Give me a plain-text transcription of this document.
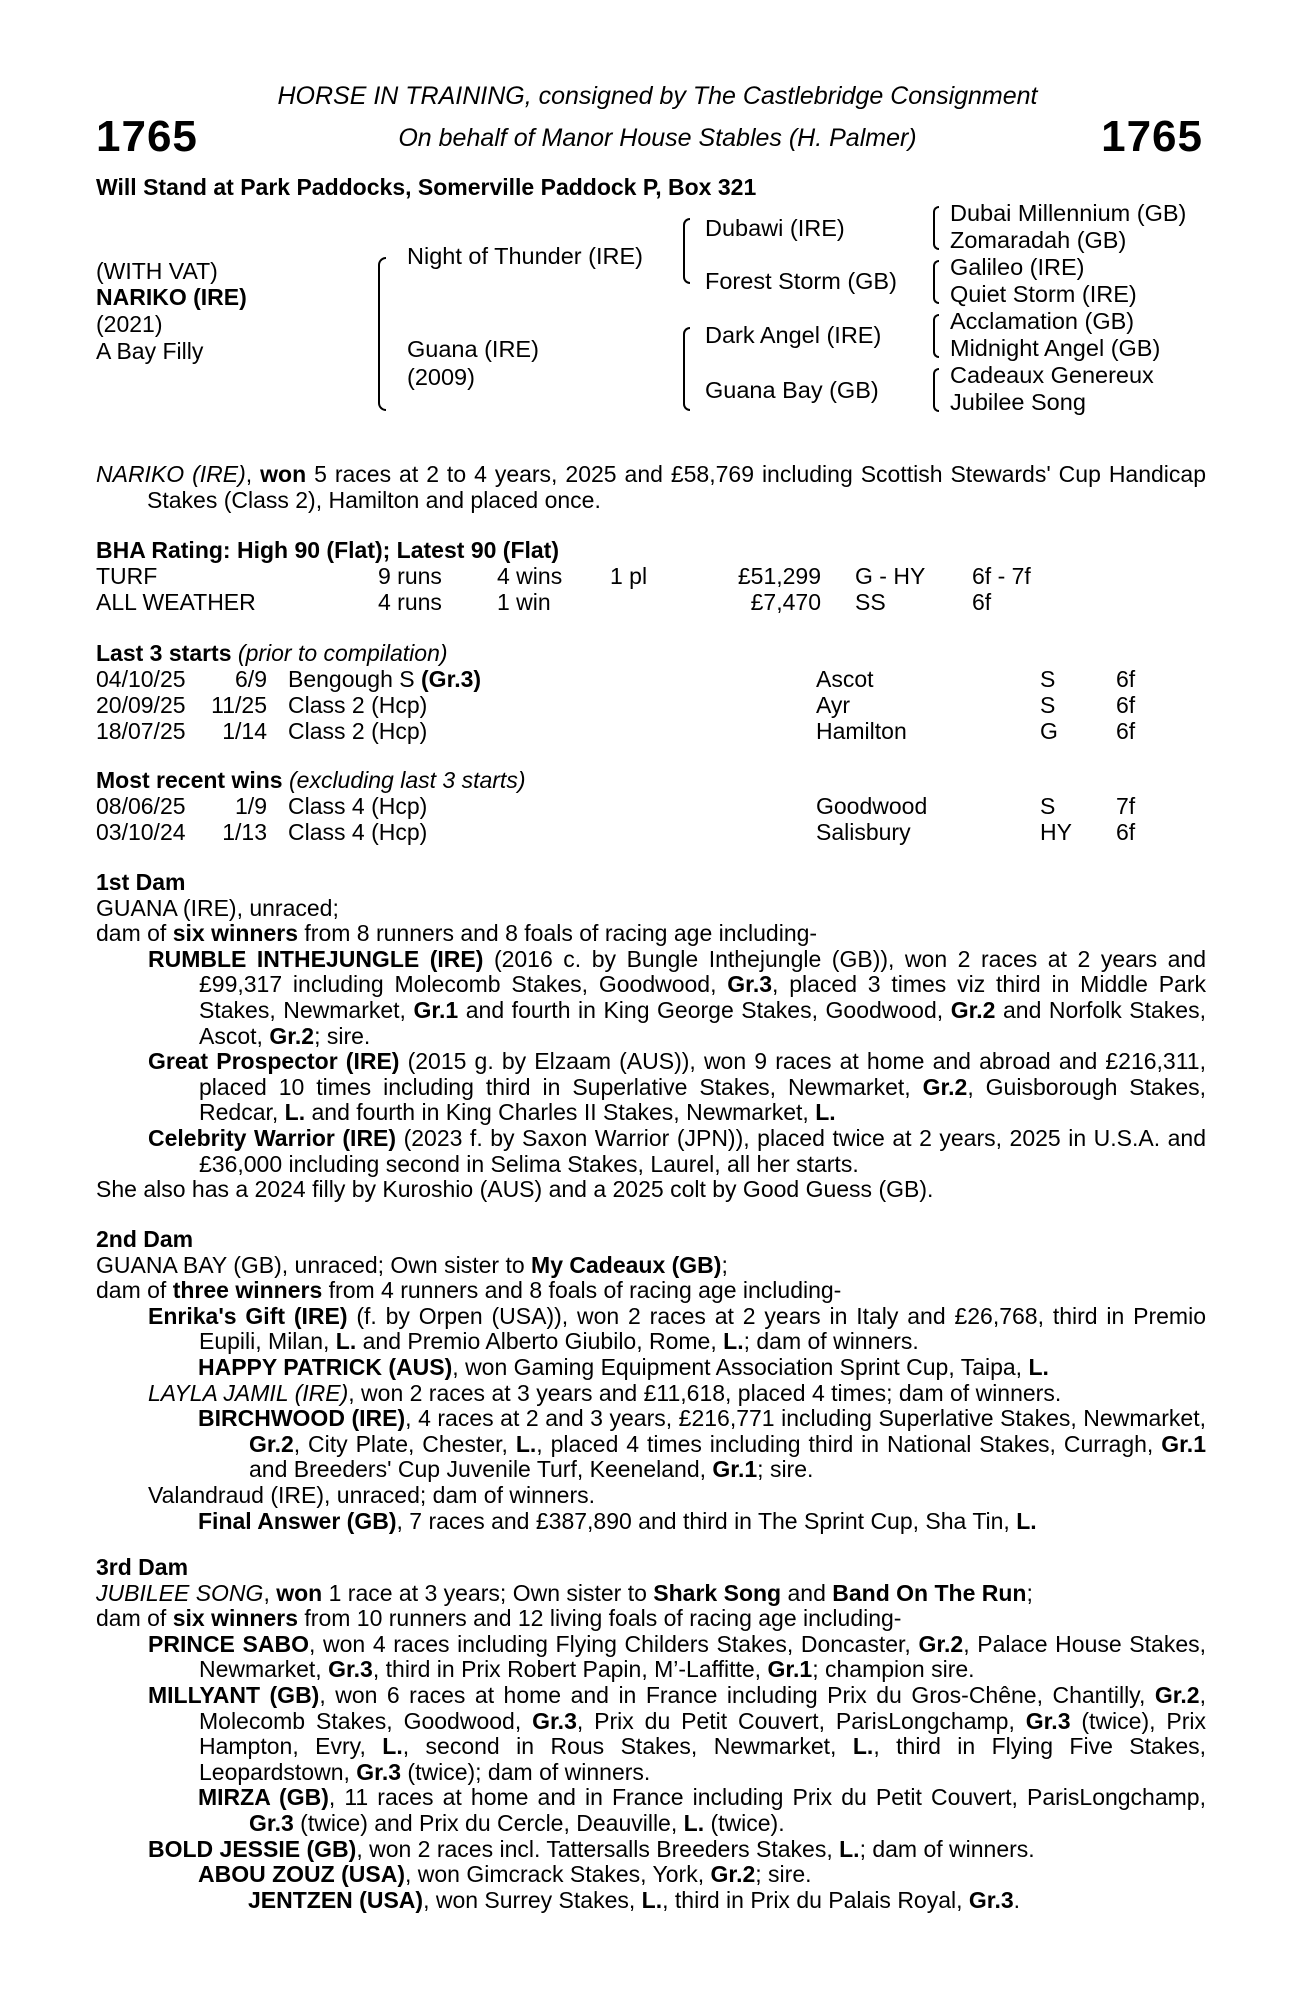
1765	1765
HORSE IN TRAINING, consigned by The Castlebridge Consignment
On behalf of Manor House Stables (H. Palmer)
Will Stand at Park Paddocks, Somerville Paddock P, Box 321
(WITH VAT)
NARIKO (IRE)
(2021)
A Bay Filly
Night of Thunder (IRE)
Guana (IRE)
(2009)
Dubawi (IRE)
Forest Storm (GB)
Dark Angel (IRE)
Guana Bay (GB)
Dubai Millennium (GB)
Zomaradah (GB)
Galileo (IRE)
Quiet Storm (IRE)
Acclamation (GB)
Midnight Angel (GB)
Cadeaux Genereux
Jubilee Song

NARIKO (IRE), won 5 races at 2 to 4 years, 2025 and £58,769 including Scottish Stewards' Cup Handicap Stakes (Class 2), Hamilton and placed once.

BHA Rating: High 90 (Flat); Latest 90 (Flat)
TURF	9 runs 4 wins 1 pl	£51,299 G - HY 6f - 7f
ALL WEATHER	4 runs 1 win	£7,470 SS	6f
Last 3 starts (prior to compilation)
04/10/25 6/9 Bengough S (Gr.3)	Ascot	S	6f
20/09/25 11/25 Class 2 (Hcp)	Ayr	S	6f
18/07/25 1/14 Class 2 (Hcp)	Hamilton	G	6f
Most recent wins (excluding last 3 starts)
08/06/25 1/9 Class 4 (Hcp)	Goodwood	S	7f
03/10/24 1/13 Class 4 (Hcp)	Salisbury	HY 6f

1st Dam

GUANA (IRE), unraced;

dam of six winners from 8 runners and 8 foals of racing age including-

RUMBLE INTHEJUNGLE (IRE) (2016 c. by Bungle Inthejungle (GB)), won 2 races at 2 years and £99,317 including Molecomb Stakes, Goodwood, Gr.3, placed 3 times viz third in Middle Park Stakes, Newmarket, Gr.1 and fourth in King George Stakes, Goodwood, Gr.2 and Norfolk Stakes, Ascot, Gr.2; sire.

Great Prospector (IRE) (2015 g. by Elzaam (AUS)), won 9 races at home and abroad and £216,311, placed 10 times including third in Superlative Stakes, Newmarket, Gr.2, Guisborough Stakes, Redcar, L. and fourth in King Charles II Stakes, Newmarket, L.

Celebrity Warrior (IRE) (2023 f. by Saxon Warrior (JPN)), placed twice at 2 years, 2025 in U.S.A. and £36,000 including second in Selima Stakes, Laurel, all her starts.

She also has a 2024 filly by Kuroshio (AUS) and a 2025 colt by Good Guess (GB).

2nd Dam

GUANA BAY (GB), unraced; Own sister to My Cadeaux (GB);

dam of three winners from 4 runners and 8 foals of racing age including-

Enrika's Gift (IRE) (f. by Orpen (USA)), won 2 races at 2 years in Italy and £26,768, third in Premio Eupili, Milan, L. and Premio Alberto Giubilo, Rome, L.; dam of winners.

HAPPY PATRICK (AUS), won Gaming Equipment Association Sprint Cup, Taipa, L.

LAYLA JAMIL (IRE), won 2 races at 3 years and £11,618, placed 4 times; dam of winners.

BIRCHWOOD (IRE), 4 races at 2 and 3 years, £216,771 including Superlative Stakes, Newmarket, Gr.2, City Plate, Chester, L., placed 4 times including third in National Stakes, Curragh, Gr.1 and Breeders' Cup Juvenile Turf, Keeneland, Gr.1; sire.

Valandraud (IRE), unraced; dam of winners.

Final Answer (GB), 7 races and £387,890 and third in The Sprint Cup, Sha Tin, L.

3rd Dam

JUBILEE SONG, won 1 race at 3 years; Own sister to Shark Song and Band On The Run;

dam of six winners from 10 runners and 12 living foals of racing age including-

PRINCE SABO, won 4 races including Flying Childers Stakes, Doncaster, Gr.2, Palace House Stakes, Newmarket, Gr.3, third in Prix Robert Papin, M’-Laffitte, Gr.1; champion sire.

MILLYANT (GB), won 6 races at home and in France including Prix du Gros-Chêne, Chantilly, Gr.2, Molecomb Stakes, Goodwood, Gr.3, Prix du Petit Couvert, ParisLongchamp, Gr.3 (twice), Prix Hampton, Evry, L., second in Rous Stakes, Newmarket, L., third in Flying Five Stakes, Leopardstown, Gr.3 (twice); dam of winners.

MIRZA (GB), 11 races at home and in France including Prix du Petit Couvert, ParisLongchamp, Gr.3 (twice) and Prix du Cercle, Deauville, L. (twice).

BOLD JESSIE (GB), won 2 races incl. Tattersalls Breeders Stakes, L.; dam of winners.

ABOU ZOUZ (USA), won Gimcrack Stakes, York, Gr.2; sire.

JENTZEN (USA), won Surrey Stakes, L., third in Prix du Palais Royal, Gr.3.
